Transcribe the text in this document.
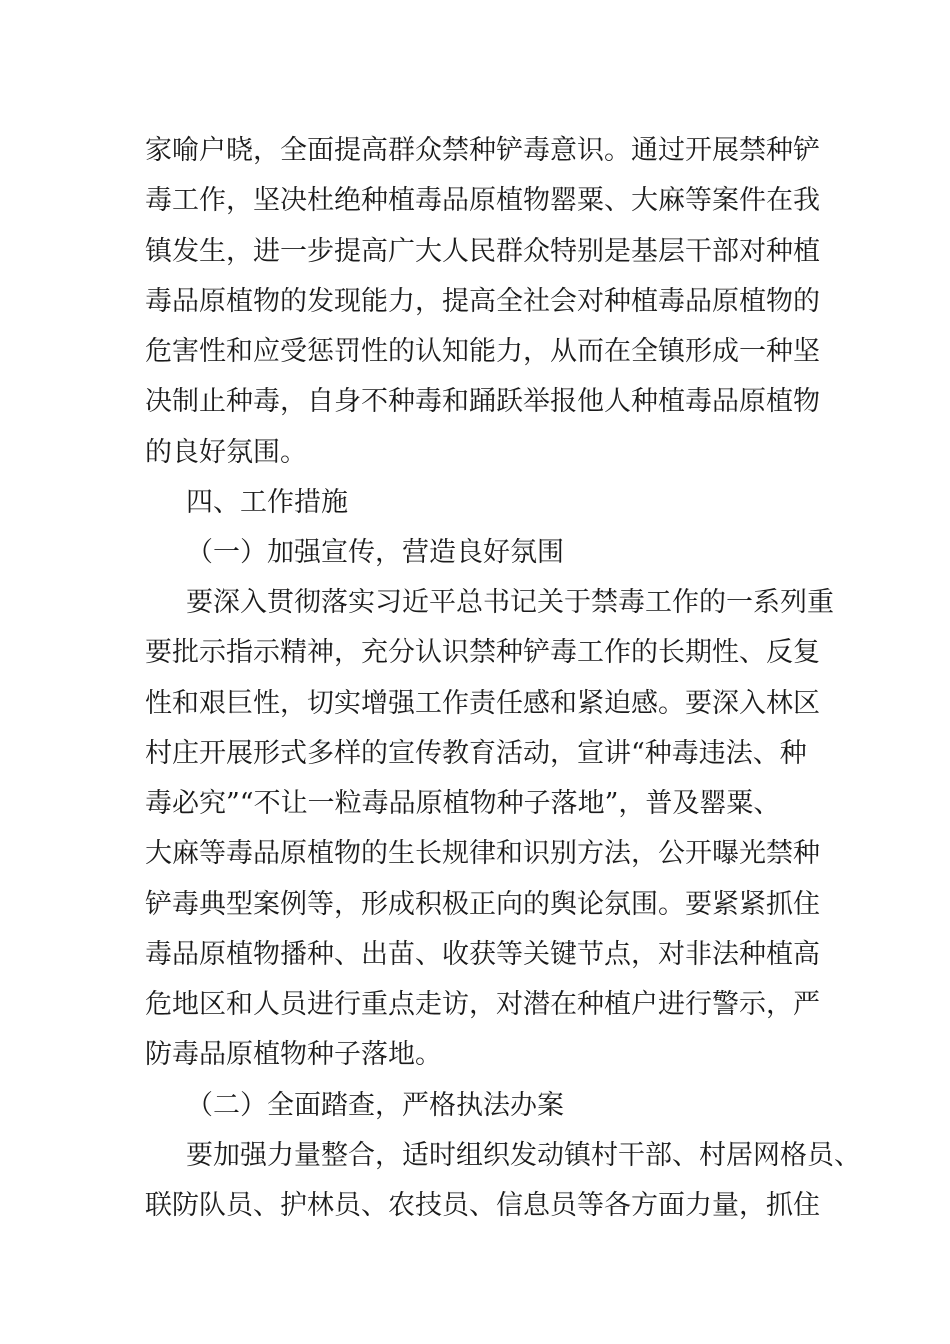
家喻户晓，全面提高群众禁种铲毒意识。通过开展禁种铲
毒工作，坚决杜绝种植毒品原植物罂粟、大麻等案件在我
镇发生，进一步提高广大人民群众特别是基层干部对种植
毒品原植物的发现能力，提高全社会对种植毒品原植物的
危害性和应受惩罚性的认知能力，从而在全镇形成一种坚
决制止种毒，自身不种毒和踊跃举报他人种植毒品原植物
的良好氛围。
四、工作措施
（一）加强宣传，营造良好氛围
要深入贯彻落实习近平总书记关于禁毒工作的一系列重
要批示指示精神，充分认识禁种铲毒工作的长期性、反复
性和艰巨性，切实增强工作责任感和紧迫感。要深入林区
村庄开展形式多样的宣传教育活动，宣讲“种毒违法、种
毒必究”“不让一粒毒品原植物种子落地”，普及罂粟、
大麻等毒品原植物的生长规律和识别方法，公开曝光禁种
铲毒典型案例等，形成积极正向的舆论氛围。要紧紧抓住
毒品原植物播种、出苗、收获等关键节点，对非法种植高
危地区和人员进行重点走访，对潜在种植户进行警示，严
防毒品原植物种子落地。
（二）全面踏查，严格执法办案
要加强力量整合，适时组织发动镇村干部、村居网格员、
联防队员、护林员、农技员、信息员等各方面力量，抓住
